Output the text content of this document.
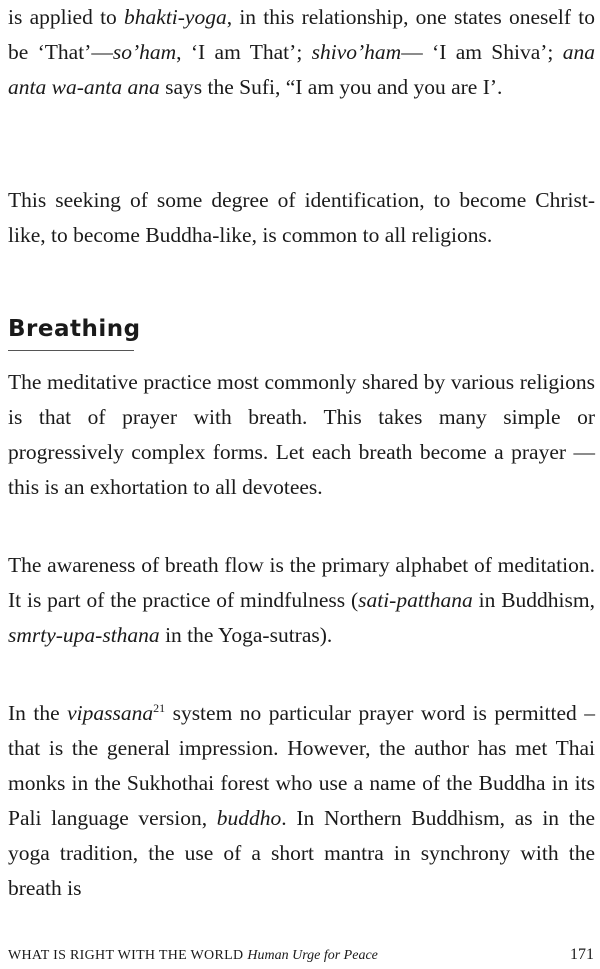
is applied to bhakti-yoga, in this relationship, one states oneself to be ‘That’—so’ham, ‘I am That’; shivo’ham— ‘I am Shiva’; ana anta wa-anta ana says the Sufi, “I am you and you are I’.

This seeking of some degree of identification, to become Christ-like, to become Buddha-like, is common to all religions.

Breathing

The meditative practice most commonly shared by various religions is that of prayer with breath. This takes many simple or progressively complex forms. Let each breath become a prayer — this is an exhortation to all devotees.

The awareness of breath flow is the primary alphabet of meditation. It is part of the practice of mindfulness (sati-patthana in Buddhism, smrty-upa-sthana in the Yoga-sutras).

In the vipassana$^{21}$ system no particular prayer word is permitted – that is the general impression. However, the author has met Thai monks in the Sukhothai forest who use a name of the Buddha in its Pali language version, buddho. In Northern Buddhism, as in the yoga tradition, the use of a short mantra in synchrony with the breath is

WHAT IS RIGHT WITH THE WORLD Human Urge for Peace	171
